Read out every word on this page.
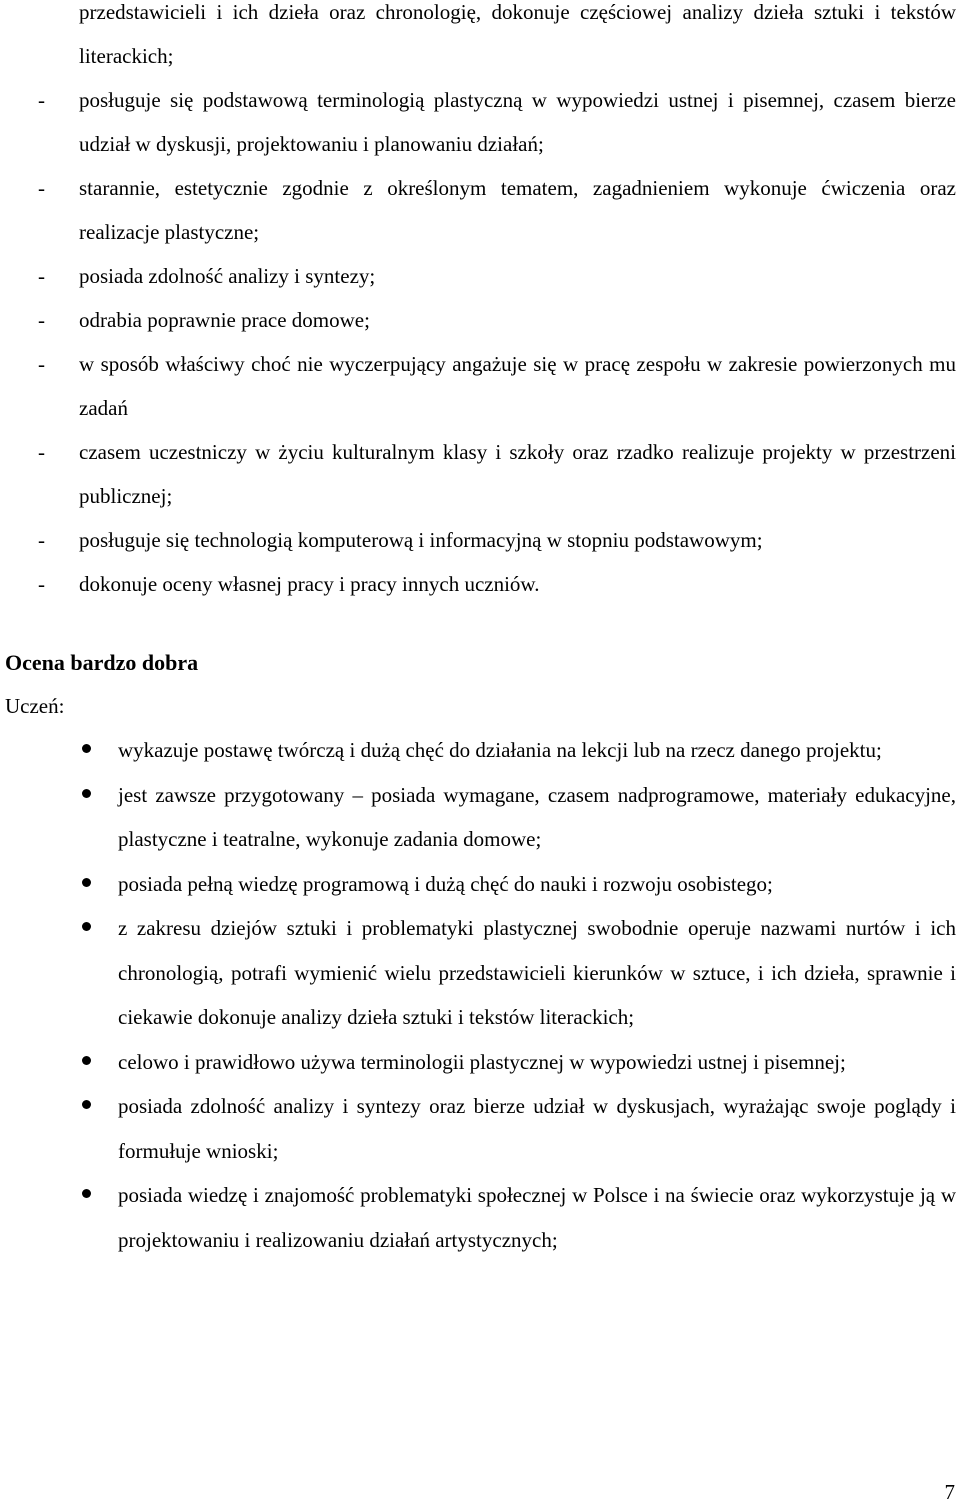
przedstawicieli i ich dzieła oraz chronologię, dokonuje częściowej analizy dzieła sztuki i tekstów literackich;
- posługuje się podstawową terminologią plastyczną w wypowiedzi ustnej i pisemnej, czasem bierze udział w dyskusji, projektowaniu i planowaniu działań;
- starannie, estetycznie zgodnie z określonym tematem, zagadnieniem wykonuje ćwiczenia oraz realizacje plastyczne;
- posiada zdolność analizy i syntezy;
- odrabia poprawnie prace domowe;
- w sposób właściwy choć nie wyczerpujący angażuje się w pracę zespołu w zakresie powierzonych mu zadań
- czasem uczestniczy w życiu kulturalnym klasy i szkoły oraz rzadko realizuje projekty w przestrzeni publicznej;
- posługuje się technologią komputerową i informacyjną w stopniu podstawowym;
- dokonuje oceny własnej pracy i pracy innych uczniów.
Ocena bardzo dobra

Uczeń:

wykazuje postawę twórczą i dużą chęć do działania na lekcji lub na rzecz danego projektu;
jest zawsze przygotowany – posiada wymagane, czasem nadprogramowe, materiały edukacyjne, plastyczne i teatralne, wykonuje zadania domowe;
posiada pełną wiedzę programową i dużą chęć do nauki i rozwoju osobistego;
z zakresu dziejów sztuki i problematyki plastycznej swobodnie operuje nazwami nurtów i ich chronologią, potrafi wymienić wielu przedstawicieli kierunków w sztuce, i ich dzieła, sprawnie i ciekawie dokonuje analizy dzieła sztuki i tekstów literackich;
celowo i prawidłowo używa terminologii plastycznej w wypowiedzi ustnej i pisemnej;
posiada zdolność analizy i syntezy oraz bierze udział w dyskusjach, wyrażając swoje poglądy i formułuje wnioski;
posiada wiedzę i znajomość problematyki społecznej w Polsce i na świecie oraz wykorzystuje ją w projektowaniu i realizowaniu działań artystycznych;
7
